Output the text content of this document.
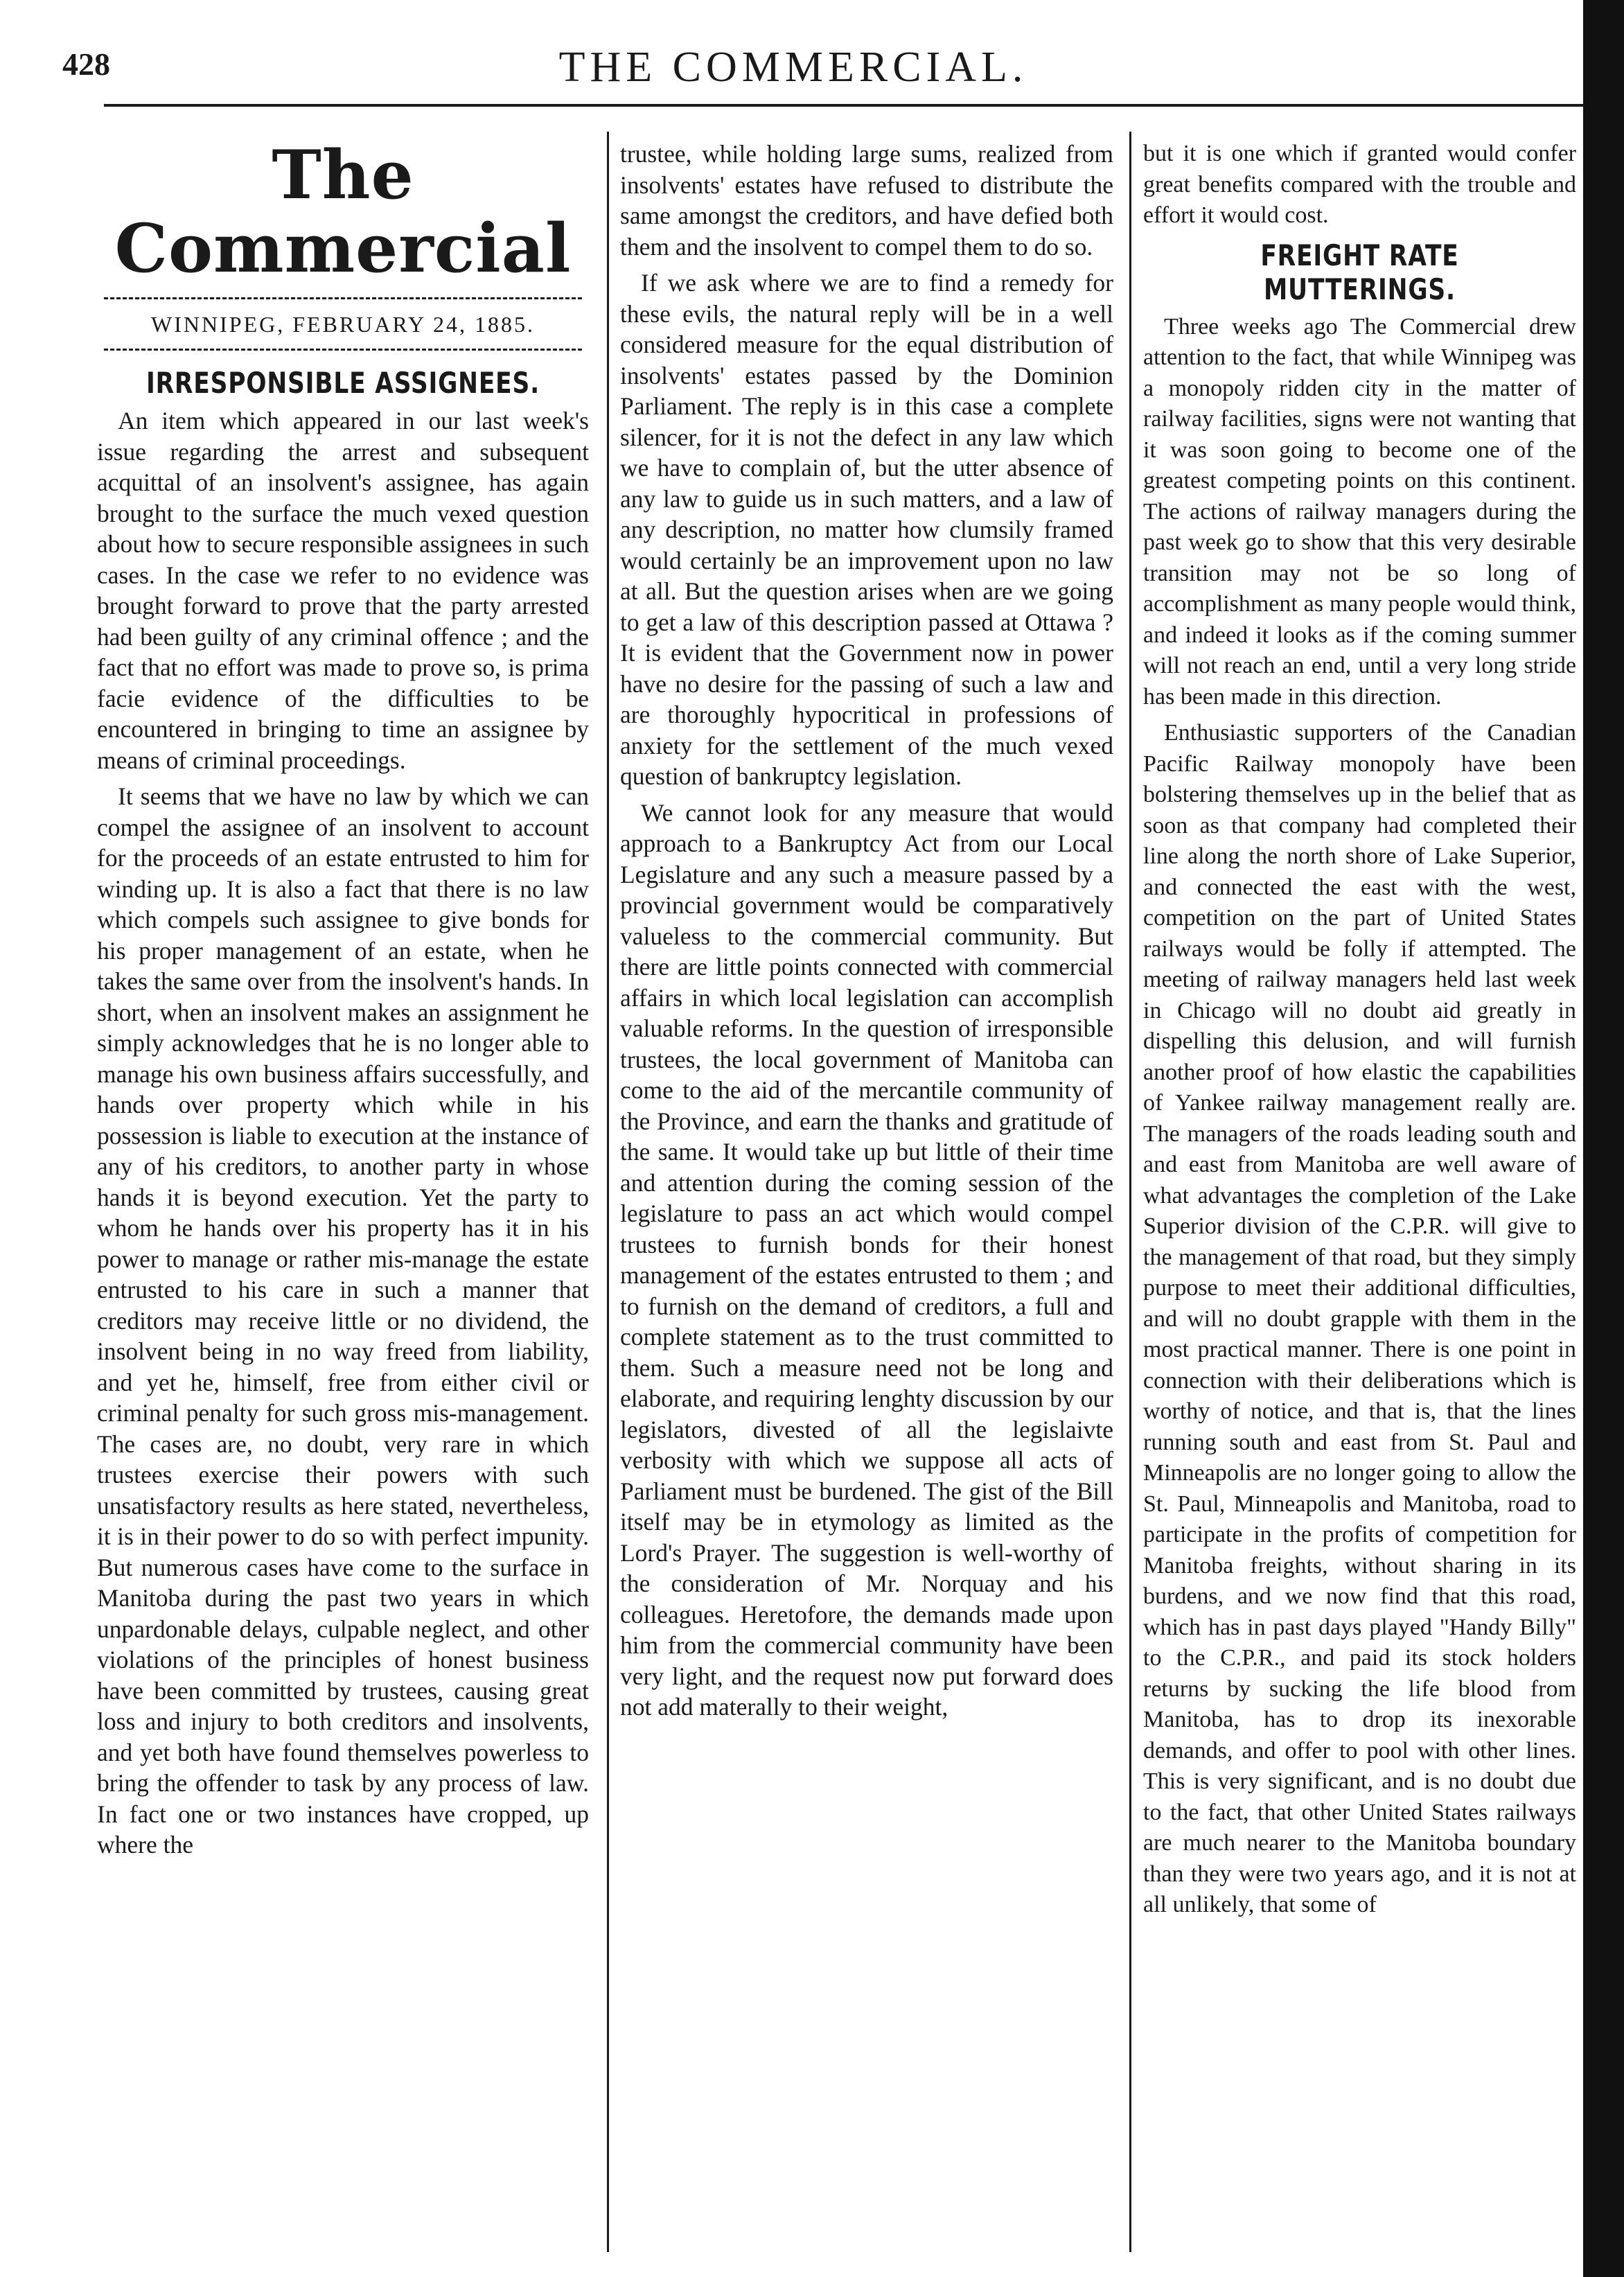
428	THE COMMERCIAL.
The Commercial
WINNIPEG, FEBRUARY 24, 1885.
IRRESPONSIBLE ASSIGNEES.

An item which appeared in our last week's issue regarding the arrest and subsequent acquittal of an insolvent's assignee, has again brought to the surface the much vexed question about how to secure responsible assignees in such cases. In the case we refer to no evidence was brought forward to prove that the party arrested had been guilty of any criminal offence ; and the fact that no effort was made to prove so, is prima facie evidence of the difficulties to be encountered in bringing to time an assignee by means of criminal proceedings.

It seems that we have no law by which we can compel the assignee of an insolvent to account for the proceeds of an estate entrusted to him for winding up. It is also a fact that there is no law which compels such assignee to give bonds for his proper management of an estate, when he takes the same over from the insolvent's hands. In short, when an insolvent makes an assignment he simply acknowledges that he is no longer able to manage his own business affairs successfully, and hands over property which while in his possession is liable to execution at the instance of any of his creditors, to another party in whose hands it is beyond execution. Yet the party to whom he hands over his property has it in his power to manage or rather mis-manage the estate entrusted to his care in such a manner that creditors may receive little or no dividend, the insolvent being in no way freed from liability, and yet he, himself, free from either civil or criminal penalty for such gross mis-management. The cases are, no doubt, very rare in which trustees exercise their powers with such unsatisfactory results as here stated, nevertheless, it is in their power to do so with perfect impunity. But numerous cases have come to the surface in Manitoba during the past two years in which unpardonable delays, culpable neglect, and other violations of the principles of honest business have been committed by trustees, causing great loss and injury to both creditors and insolvents, and yet both have found themselves powerless to bring the offender to task by any process of law. In fact one or two instances have cropped, up where the

trustee, while holding large sums, realized from insolvents' estates have refused to distribute the same amongst the creditors, and have defied both them and the insolvent to compel them to do so.

If we ask where we are to find a remedy for these evils, the natural reply will be in a well considered measure for the equal distribution of insolvents' estates passed by the Dominion Parliament. The reply is in this case a complete silencer, for it is not the defect in any law which we have to complain of, but the utter absence of any law to guide us in such matters, and a law of any description, no matter how clumsily framed would certainly be an improvement upon no law at all. But the question arises when are we going to get a law of this description passed at Ottawa ? It is evident that the Government now in power have no desire for the passing of such a law and are thoroughly hypocritical in professions of anxiety for the settlement of the much vexed question of bankruptcy legislation.

We cannot look for any measure that would approach to a Bankruptcy Act from our Local Legislature and any such a measure passed by a provincial government would be comparatively valueless to the commercial community. But there are little points connected with commercial affairs in which local legislation can accomplish valuable reforms. In the question of irresponsible trustees, the local government of Manitoba can come to the aid of the mercantile community of the Province, and earn the thanks and gratitude of the same. It would take up but little of their time and attention during the coming session of the legislature to pass an act which would compel trustees to furnish bonds for their honest management of the estates entrusted to them ; and to furnish on the demand of creditors, a full and complete statement as to the trust committed to them. Such a measure need not be long and elaborate, and requiring lenghty discussion by our legislators, divested of all the legislaivte verbosity with which we suppose all acts of Parliament must be burdened. The gist of the Bill itself may be in etymology as limited as the Lord's Prayer. The suggestion is well-worthy of the consideration of Mr. Norquay and his colleagues. Heretofore, the demands made upon him from the commercial community have been very light, and the request now put forward does not add materally to their weight,

but it is one which if granted would confer great benefits compared with the trouble and effort it would cost.

FREIGHT RATE MUTTERINGS.

Three weeks ago The Commercial drew attention to the fact, that while Winnipeg was a monopoly ridden city in the matter of railway facilities, signs were not wanting that it was soon going to become one of the greatest competing points on this continent. The actions of railway managers during the past week go to show that this very desirable transition may not be so long of accomplishment as many people would think, and indeed it looks as if the coming summer will not reach an end, until a very long stride has been made in this direction.

Enthusiastic supporters of the Canadian Pacific Railway monopoly have been bolstering themselves up in the belief that as soon as that company had completed their line along the north shore of Lake Superior, and connected the east with the west, competition on the part of United States railways would be folly if attempted. The meeting of railway managers held last week in Chicago will no doubt aid greatly in dispelling this delusion, and will furnish another proof of how elastic the capabilities of Yankee railway management really are. The managers of the roads leading south and and east from Manitoba are well aware of what advantages the completion of the Lake Superior division of the C.P.R. will give to the management of that road, but they simply purpose to meet their additional difficulties, and will no doubt grapple with them in the most practical manner. There is one point in connection with their deliberations which is worthy of notice, and that is, that the lines running south and east from St. Paul and Minneapolis are no longer going to allow the St. Paul, Minneapolis and Manitoba, road to participate in the profits of competition for Manitoba freights, without sharing in its burdens, and we now find that this road, which has in past days played "Handy Billy" to the C.P.R., and paid its stock holders returns by sucking the life blood from Manitoba, has to drop its inexorable demands, and offer to pool with other lines. This is very significant, and is no doubt due to the fact, that other United States railways are much nearer to the Manitoba boundary than they were two years ago, and it is not at all unlikely, that some of
